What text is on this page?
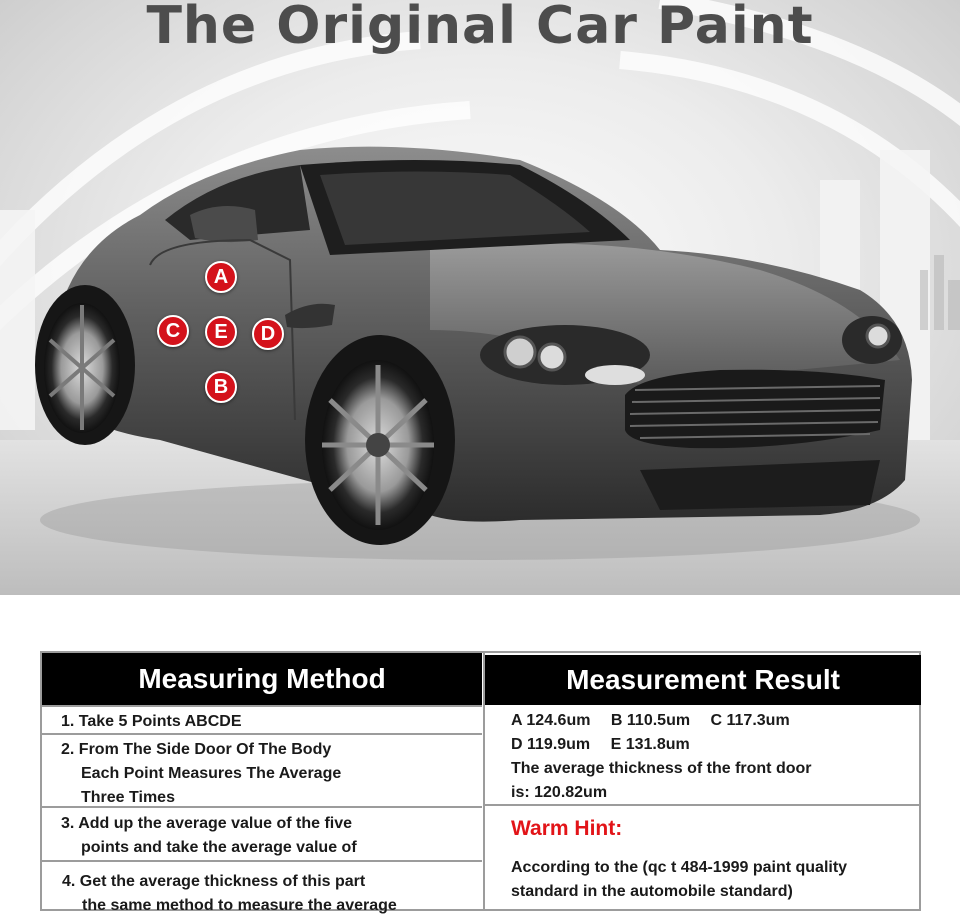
The Original Car Paint
A
C	E	D
B
Measuring Method
1. Take 5 Points ABCDE
2. From The Side Door Of The Body
Each Point Measures The Average
Three Times
3. Add up the average value of the five
points and take the average value of
4. Get the average thickness of this part
the same method to measure the average
Measurement Result
A 124.6um B 110.5um C 117.3um
D 119.9um E 131.8um
The average thickness of the front door
is: 120.82um
Warm Hint:
According to the (qc t 484-1999 paint quality
standard in the automobile standard)
